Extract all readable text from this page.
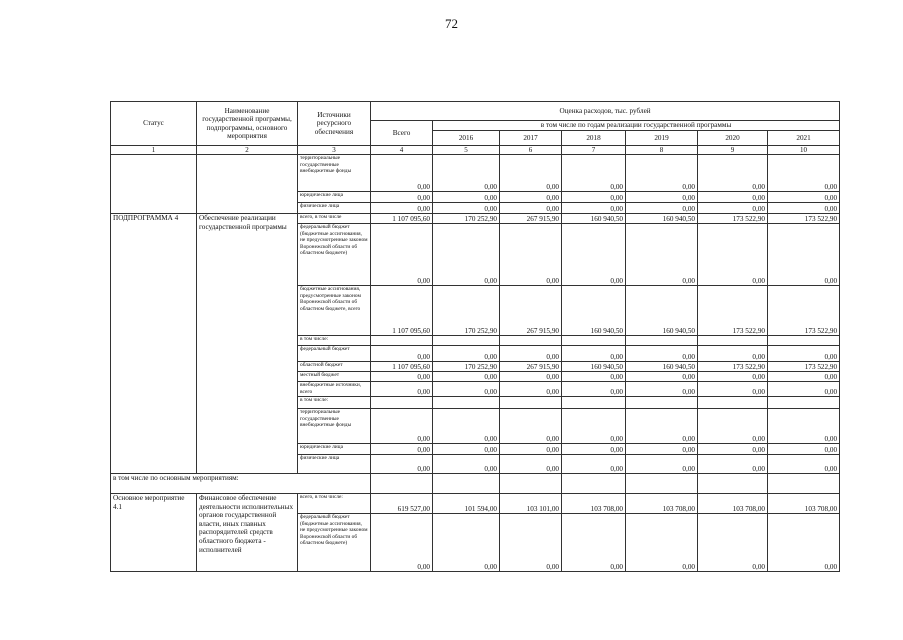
72
Статус	Наименование государственной программы, подпрограммы, основного мероприятия	Источники ресурсного обеспечения	Оценка расходов, тыс. рублей						
			Всего	в том числе по годам реализации государственной программы					
				2016	2017	2018	2019	2020	2021
1	2	3	4	5	6	7	8	9	10
		территориальные государственные внебюджетные фонды	0,00	0,00	0,00	0,00	0,00	0,00	0,00
		юридические лица	0,00	0,00	0,00	0,00	0,00	0,00	0,00
		физические лица	0,00	0,00	0,00	0,00	0,00	0,00	0,00
ПОДПРОГРАММА 4	Обеспечение реализации государственной программы	всего, в том числе	1 107 095,60	170 252,90	267 915,90	160 940,50	160 940,50	173 522,90	173 522,90
		федеральный бюджет (бюджетные ассигнования, не предусмотренные законом Воронежской области об областном бюджете)	0,00	0,00	0,00	0,00	0,00	0,00	0,00
		бюджетные ассигнования, предусмотренные законом Воронежской области об областном бюджете, всего	1 107 095,60	170 252,90	267 915,90	160 940,50	160 940,50	173 522,90	173 522,90
		в том числе:							
		федеральный бюджет	0,00	0,00	0,00	0,00	0,00	0,00	0,00
		областной бюджет	1 107 095,60	170 252,90	267 915,90	160 940,50	160 940,50	173 522,90	173 522,90
		местный бюджет	0,00	0,00	0,00	0,00	0,00	0,00	0,00
		внебюджетные источники, всего	0,00	0,00	0,00	0,00	0,00	0,00	0,00
		в том числе:							
		территориальные государственные внебюджетные фонды	0,00	0,00	0,00	0,00	0,00	0,00	0,00
		юридические лица	0,00	0,00	0,00	0,00	0,00	0,00	0,00
		физические лица	0,00	0,00	0,00	0,00	0,00	0,00	0,00
в том числе по основным мероприятиям:									
Основное мероприятие 4.1	Финансовое обеспечение деятельности исполнительных органов государственной власти, иных главных распорядителей средств областного бюджета - исполнителей	всего, в том числе:	619 527,00	101 594,00	103 101,00	103 708,00	103 708,00	103 708,00	103 708,00
		федеральный бюджет (бюджетные ассигнования, не предусмотренные законом Воронежской области об областном бюджете)	0,00	0,00	0,00	0,00	0,00	0,00	0,00
